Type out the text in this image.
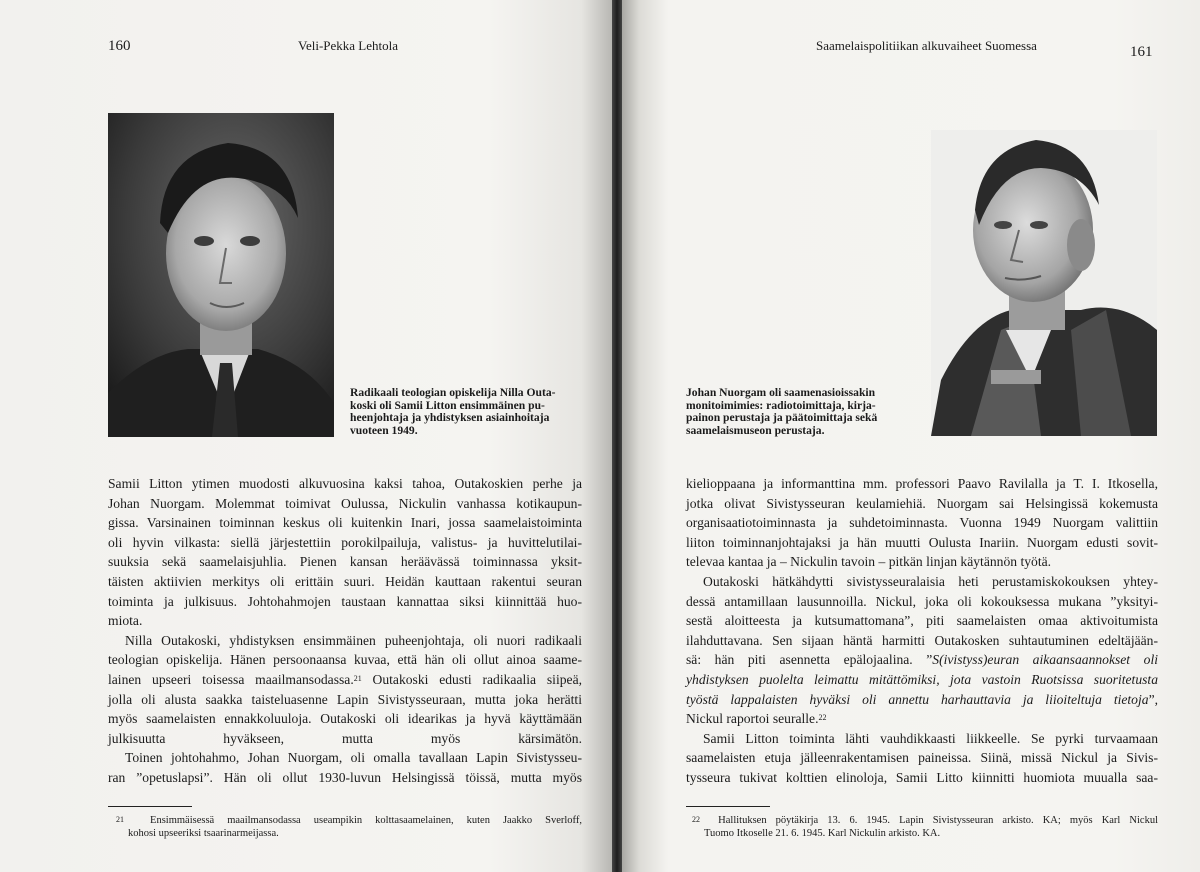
160	Veli-Pekka Lehtola
Radikaali teologian opiskelija Nilla Outa-
koski oli Samii Litton ensimmäinen pu-
heenjohtaja ja yhdistyksen asiainhoitaja
vuoteen 1949.
Samii Litton ytimen muodosti alkuvuosina kaksi tahoa, Outakoskien perhe ja
Johan Nuorgam. Molemmat toimivat Oulussa, Nickulin vanhassa kotikaupun-
gissa. Varsinainen toiminnan keskus oli kuitenkin Inari, jossa saamelaistoiminta
oli hyvin vilkasta: siellä järjestettiin porokilpailuja, valistus- ja huvittelutilai-
suuksia sekä saamelaisjuhlia. Pienen kansan heräävässä toiminnassa yksit-
täisten aktiivien merkitys oli erittäin suuri. Heidän kauttaan rakentui seuran
toiminta ja julkisuus. Johtohahmojen taustaan kannattaa siksi kiinnittää huo-
miota.
Nilla Outakoski, yhdistyksen ensimmäinen puheenjohtaja, oli nuori radikaali
teologian opiskelija. Hänen persoonaansa kuvaa, että hän oli ollut ainoa saame-
lainen upseeri toisessa maailmansodassa.$^{21}$ Outakoski edusti radikaalia siipeä,
jolla oli alusta saakka taisteluasenne Lapin Sivistysseuraan, mutta joka herätti
myös saamelaisten ennakkoluuloja. Outakoski oli idearikas ja hyvä käyttämään
julkisuutta hyväkseen, mutta myös kärsimätön.
Toinen johtohahmo, Johan Nuorgam, oli omalla tavallaan Lapin Sivistysseu-
ran ”opetuslapsi”. Hän oli ollut 1930-luvun Helsingissä töissä, mutta myös
$^{21}$ Ensimmäisessä maailmansodassa useampikin kolttasaamelainen, kuten Jaakko Sverloff,
kohosi upseeriksi tsaarinarmeijassa.
Saamelaispolitiikan alkuvaiheet Suomessa	161
Johan Nuorgam oli saamenasioissakin
monitoimimies: radiotoimittaja, kirja-
painon perustaja ja päätoimittaja sekä
saamelaismuseon perustaja.
kielioppaana ja informanttina mm. professori Paavo Ravilalla ja T. I. Itkosella,
jotka olivat Sivistysseuran keulamiehiä. Nuorgam sai Helsingissä kokemusta
organisaatiotoiminnasta ja suhdetoiminnasta. Vuonna 1949 Nuorgam valittiin
liiton toiminnanjohtajaksi ja hän muutti Oulusta Inariin. Nuorgam edusti sovit-
televaa kantaa ja – Nickulin tavoin – pitkän linjan käytännön työtä.
Outakoski hätkähdytti sivistysseuralaisia heti perustamiskokouksen yhtey-
dessä antamillaan lausunnoilla. Nickul, joka oli kokouksessa mukana ”yksityi-
sestä aloitteesta ja kutsumattomana”, piti saamelaisten omaa aktivoitumista
ilahduttavana. Sen sijaan häntä harmitti Outakosken suhtautuminen edeltäjään-
sä: hän piti asennetta epälojaalina. ”S(ivistyss)euran aikaansaannokset oli
yhdistyksen puolelta leimattu mitättömiksi, jota vastoin Ruotsissa suoritetusta
työstä lappalaisten hyväksi oli annettu harhauttavia ja liioiteltuja tietoja”,
Nickul raportoi seuralle.$^{22}$
Samii Litton toiminta lähti vauhdikkaasti liikkeelle. Se pyrki turvaamaan
saamelaisten etuja jälleenrakentamisen paineissa. Siinä, missä Nickul ja Sivis-
tysseura tukivat kolttien elinoloja, Samii Litto kiinnitti huomiota muualla saa-
$^{22}$ Hallituksen pöytäkirja 13. 6. 1945. Lapin Sivistysseuran arkisto. KA; myös Karl Nickul
Tuomo Itkoselle 21. 6. 1945. Karl Nickulin arkisto. KA.
